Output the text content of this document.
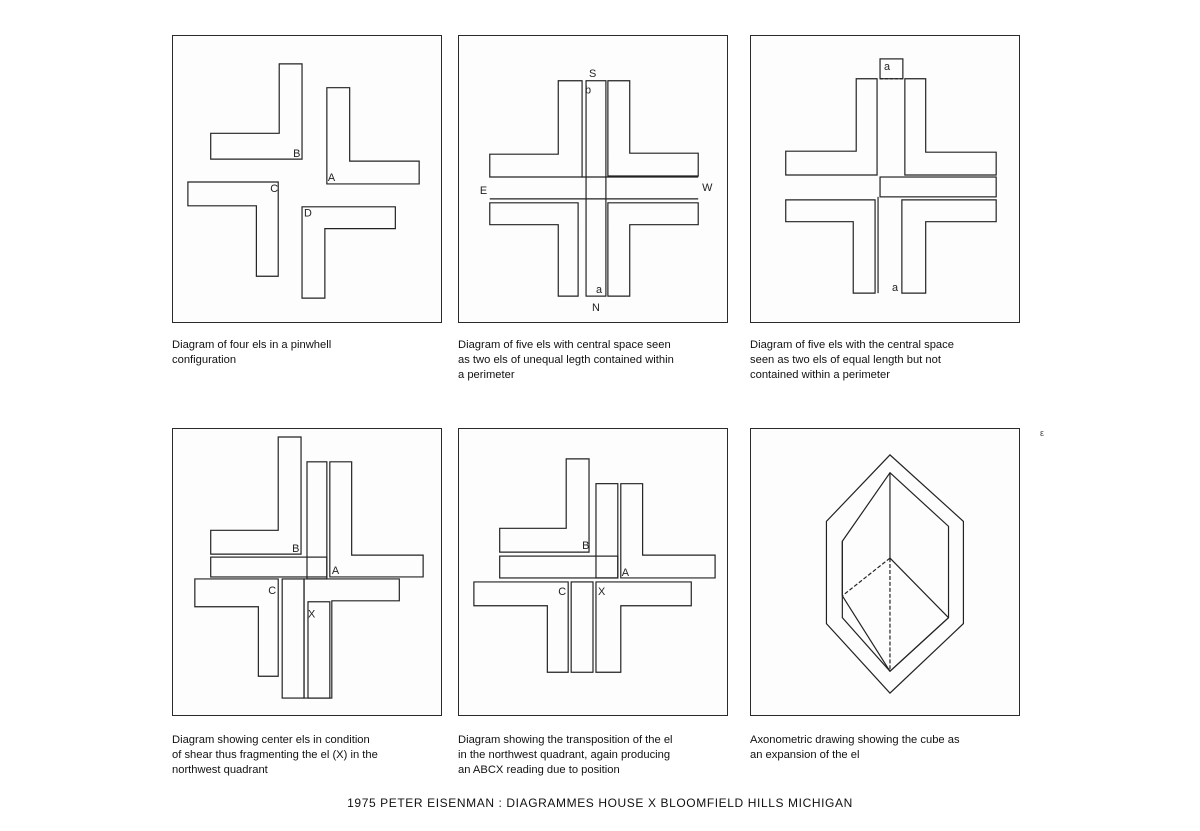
B
C
A
D
Diagram of four els in a pinwhell
configuration
S
b
E	W
a
N
Diagram of five els with central space seen
as two els of unequal legth contained within
a perimeter
a
a
Diagram of five els with the central space
seen as two els of equal length but not
contained within a perimeter
ε
B
A
C
X
Diagram showing center els in condition
of shear thus fragmenting the el (X) in the
northwest quadrant
B
A
C	X
Diagram showing the transposition of the el
in the northwest quadrant, again producing
an ABCX reading due to position
Axonometric drawing showing the cube as
an expansion of the el
1975 PETER EISENMAN : DIAGRAMMES HOUSE X BLOOMFIELD HILLS MICHIGAN
